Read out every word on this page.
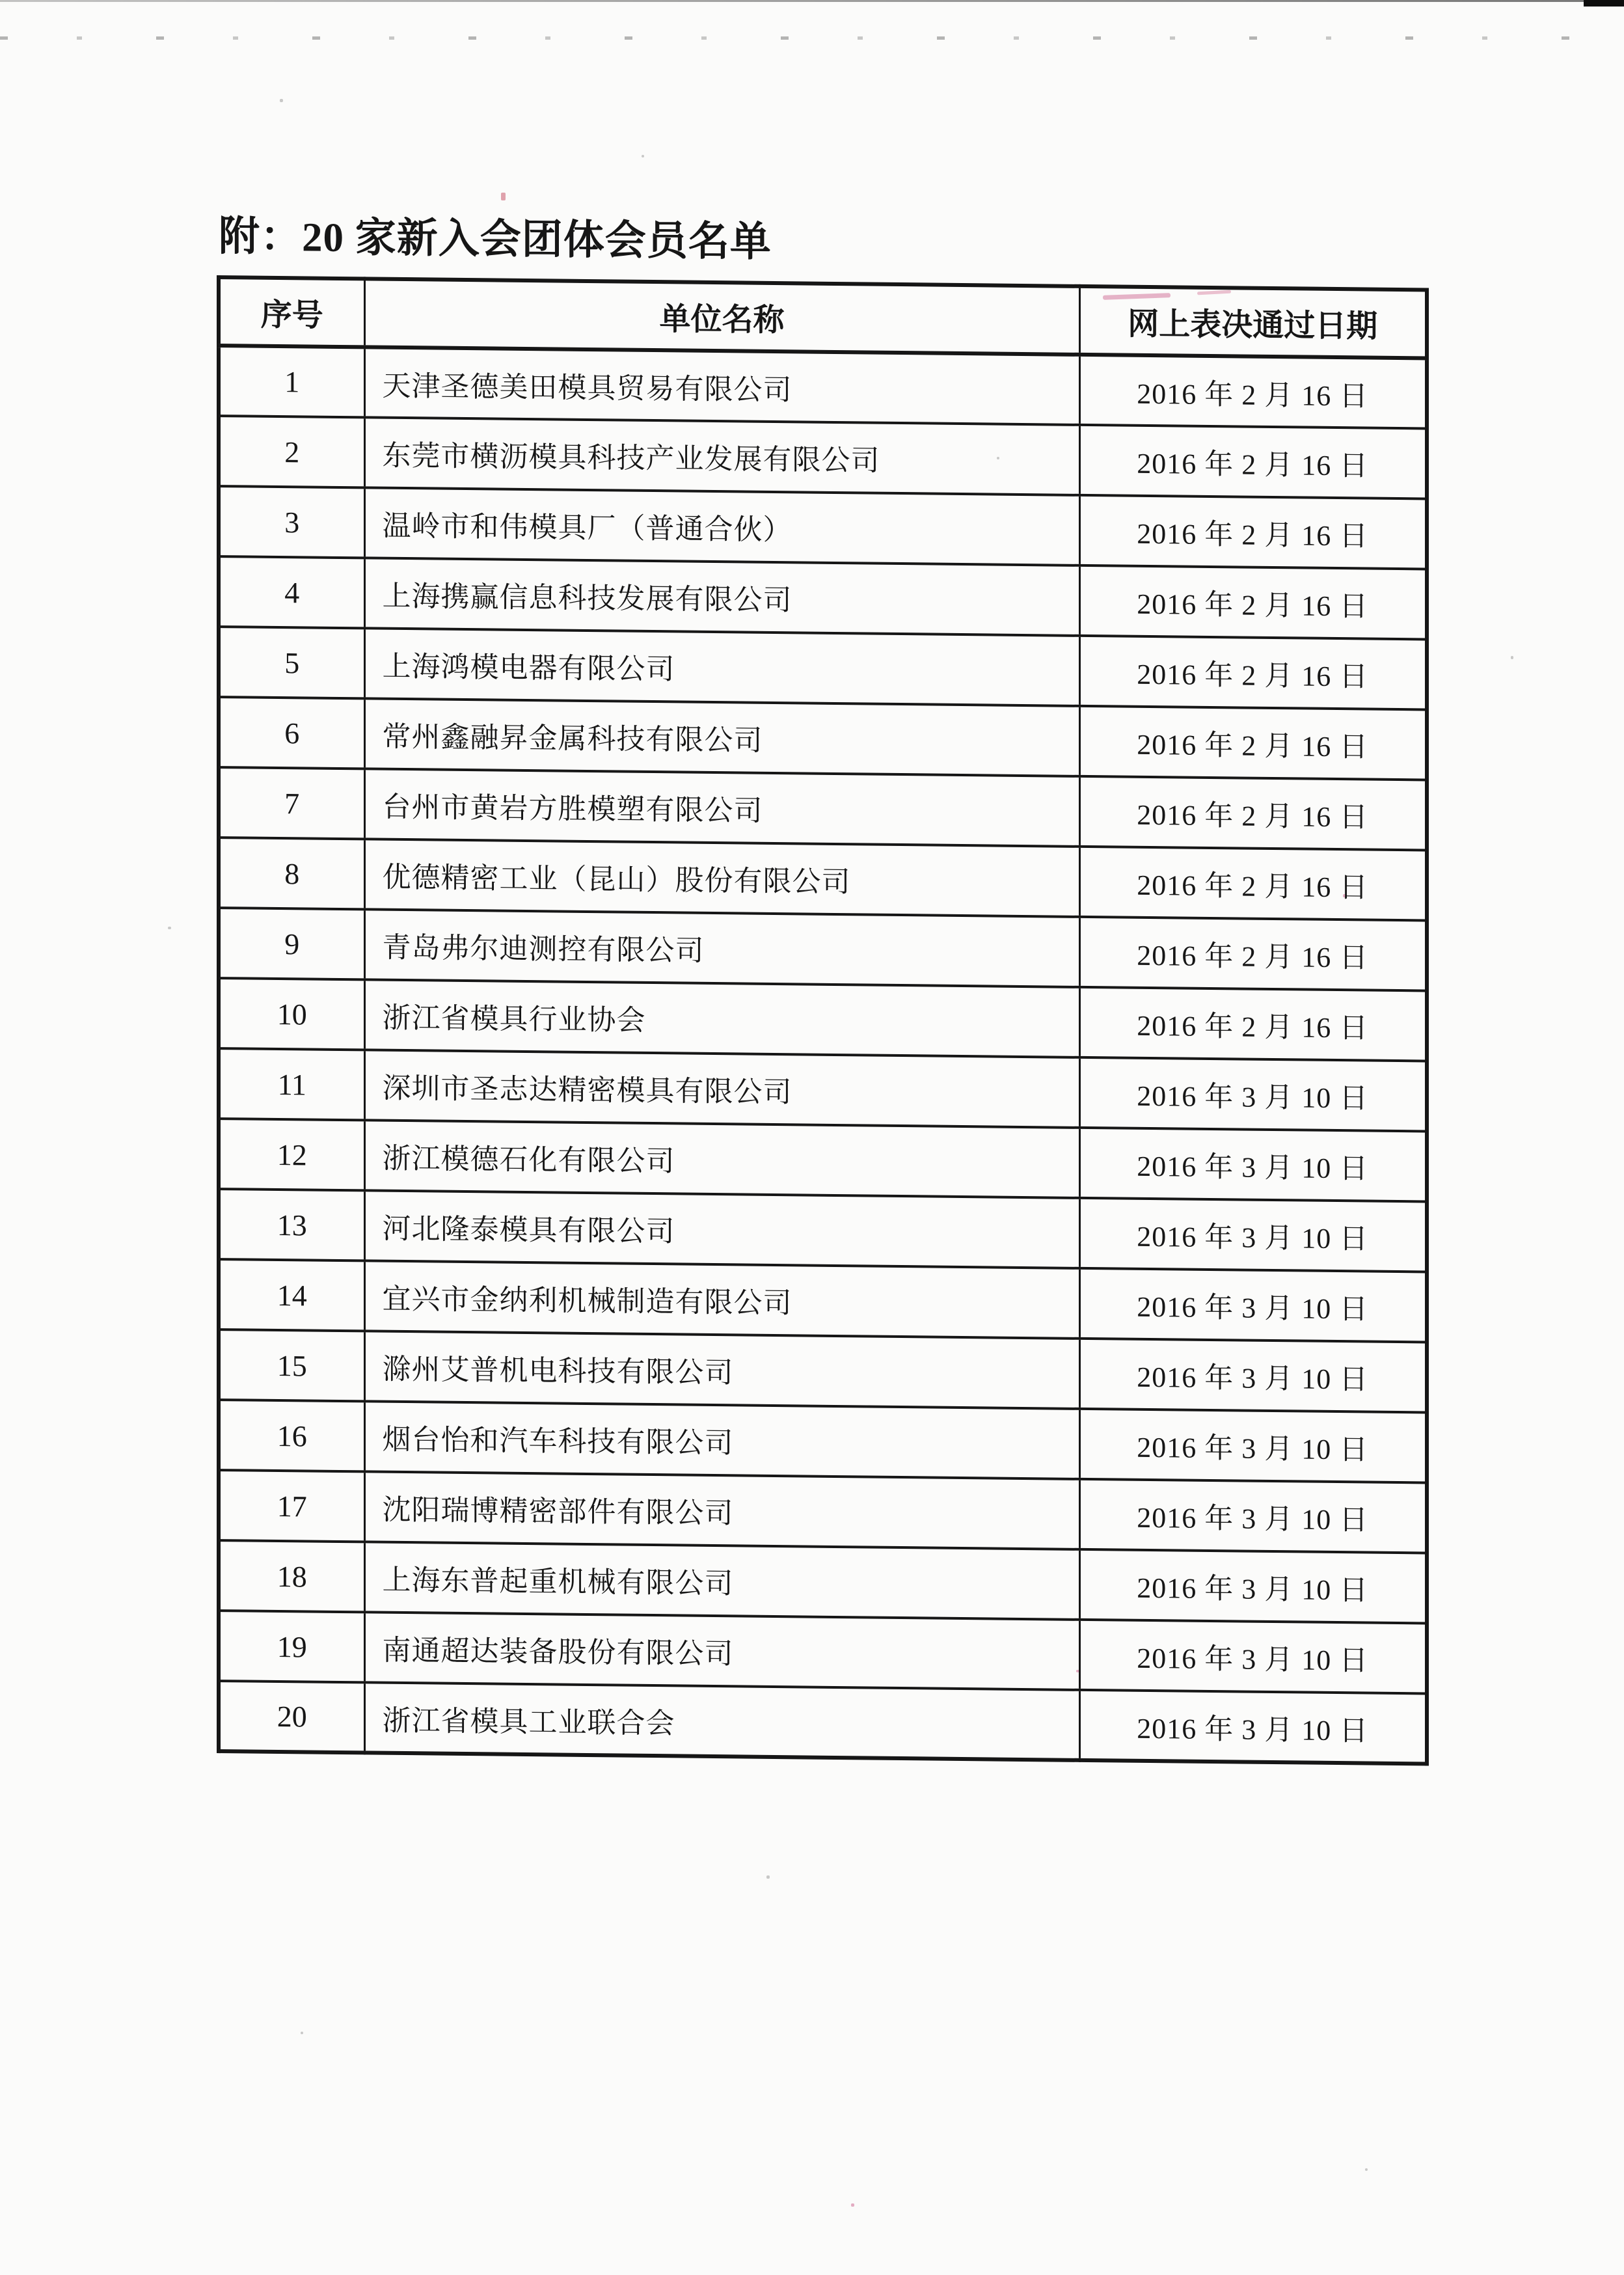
附：20 家新入会团体会员名单
序号	单位名称	网上表决通过日期
1	天津圣德美田模具贸易有限公司	2016 年 2 月 16 日
2	东莞市横沥模具科技产业发展有限公司	2016 年 2 月 16 日
3	温岭市和伟模具厂（普通合伙）	2016 年 2 月 16 日
4	上海携赢信息科技发展有限公司	2016 年 2 月 16 日
5	上海鸿模电器有限公司	2016 年 2 月 16 日
6	常州鑫融昇金属科技有限公司	2016 年 2 月 16 日
7	台州市黄岩方胜模塑有限公司	2016 年 2 月 16 日
8	优德精密工业（昆山）股份有限公司	2016 年 2 月 16 日
9	青岛弗尔迪测控有限公司	2016 年 2 月 16 日
10	浙江省模具行业协会	2016 年 2 月 16 日
11	深圳市圣志达精密模具有限公司	2016 年 3 月 10 日
12	浙江模德石化有限公司	2016 年 3 月 10 日
13	河北隆泰模具有限公司	2016 年 3 月 10 日
14	宜兴市金纳利机械制造有限公司	2016 年 3 月 10 日
15	滁州艾普机电科技有限公司	2016 年 3 月 10 日
16	烟台怡和汽车科技有限公司	2016 年 3 月 10 日
17	沈阳瑞博精密部件有限公司	2016 年 3 月 10 日
18	上海东普起重机械有限公司	2016 年 3 月 10 日
19	南通超达装备股份有限公司	2016 年 3 月 10 日
20	浙江省模具工业联合会	2016 年 3 月 10 日
